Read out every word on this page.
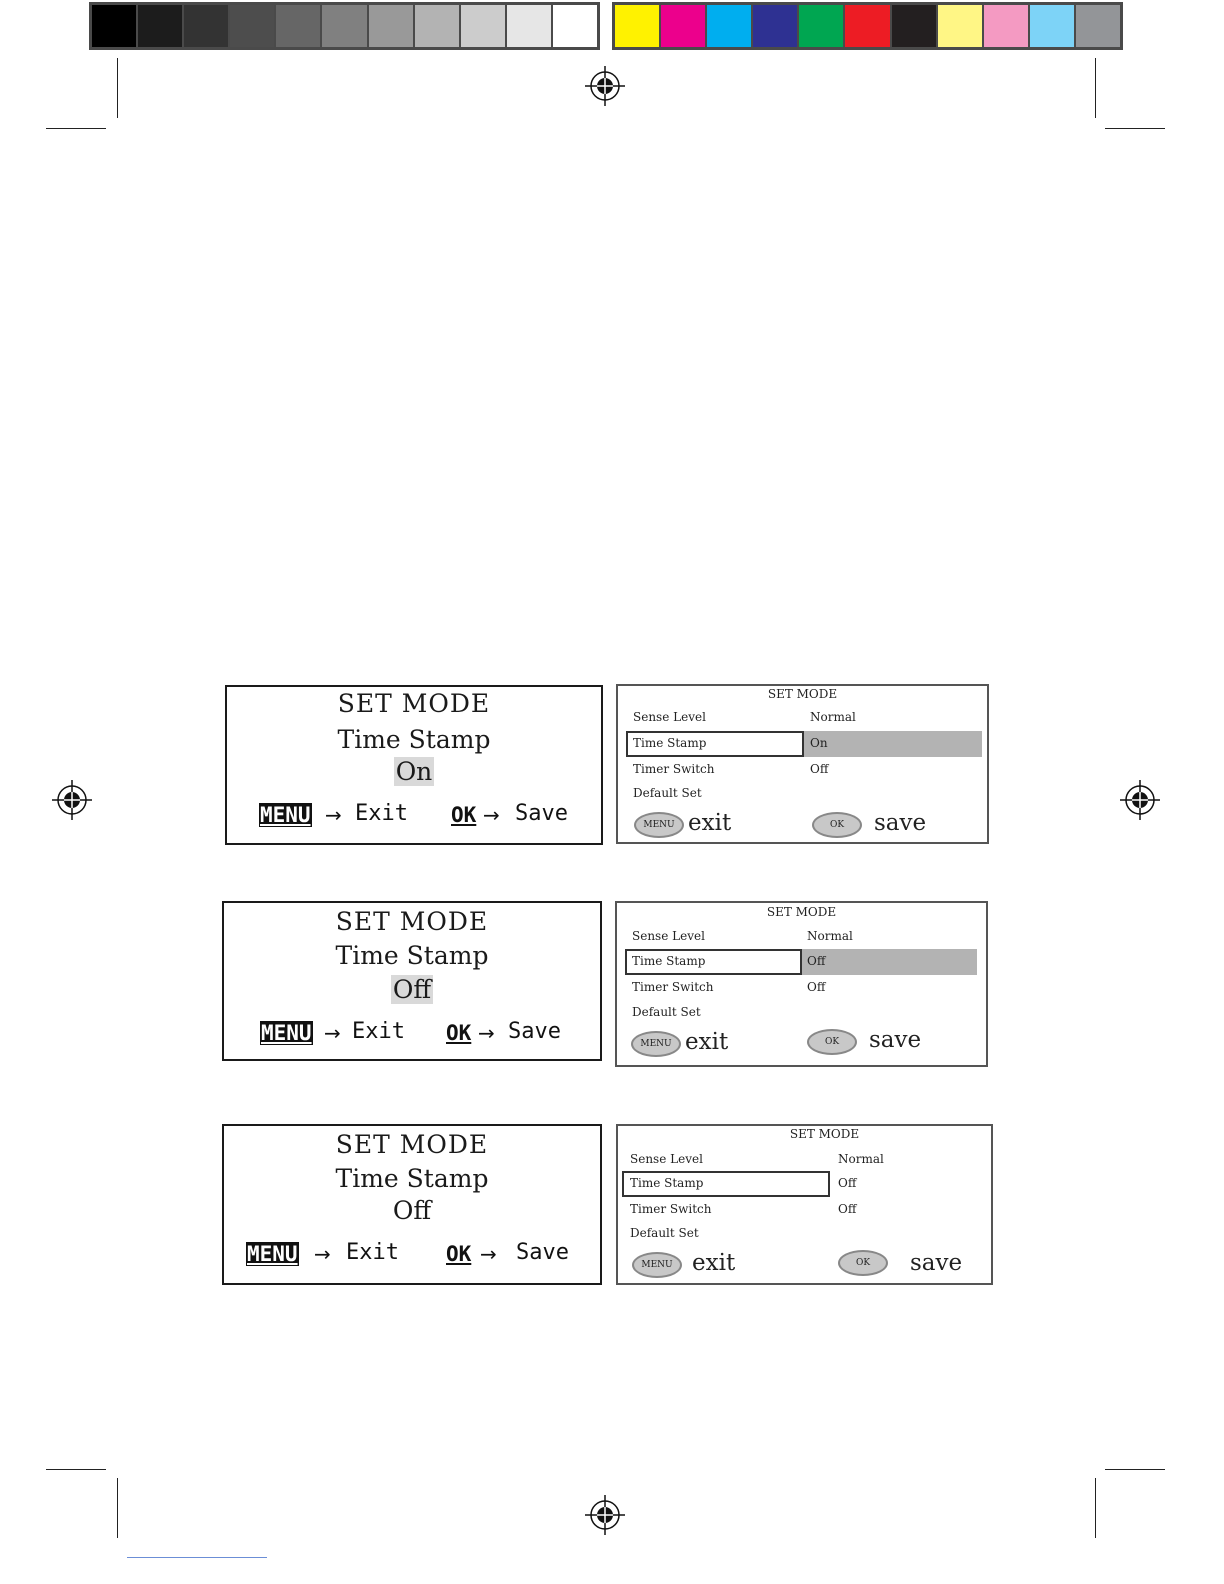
SET MODE
Time Stamp
On
MENU → Exit OK → Save
SET MODE
Sense Level	Normal
Time Stamp	On
Timer Switch	Off
Default Set
MENU exit	OK	save
SET MODE
Time Stamp
Off
MENU → Exit OK → Save
SET MODE
Sense Level	Normal
Time Stamp	Off
Timer Switch	Off
Default Set
MENU exit	OK	save
SET MODE
Time Stamp
Off
MENU → Exit OK → Save
SET MODE
Sense Level	Normal
Time Stamp	Off
Timer Switch	Off
Default Set
MENU exit	OK	save
